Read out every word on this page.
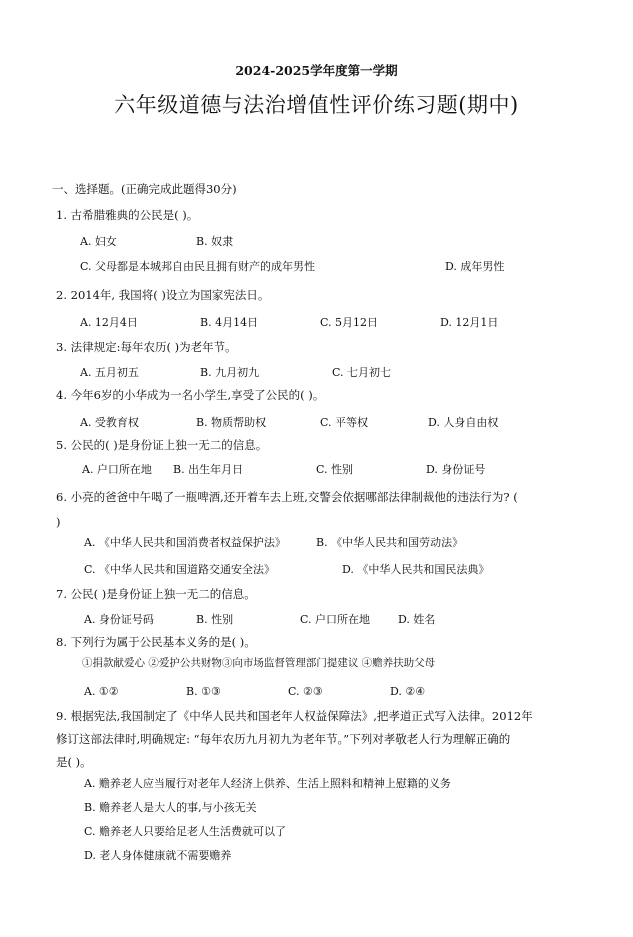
2024-2025学年度第一学期
六年级道德与法治增值性评价练习题(期中)
一、选择题。(正确完成此题得30分)
1. 古希腊雅典的公民是( )。
A. 妇女	B. 奴隶
C. 父母都是本城邦自由民且拥有财产的成年男性	D. 成年男性
2. 2014年, 我国将( )设立为国家宪法日。
A. 12月4日	B. 4月14日	C. 5月12日	D. 12月1日
3. 法律规定:每年农历( )为老年节。
A. 五月初五	B. 九月初九	C. 七月初七
4. 今年6岁的小华成为一名小学生,享受了公民的( )。
A. 受教育权	B. 物质帮助权	C. 平等权	D. 人身自由权
5. 公民的( )是身份证上独一无二的信息。
A. 户口所在地 B. 出生年月日	C. 性别	D. 身份证号
6. 小亮的爸爸中午喝了一瓶啤酒,还开着车去上班,交警会依据哪部法律制裁他的违法行为? (
)
A. 《中华人民共和国消费者权益保护法》	B. 《中华人民共和国劳动法》
C. 《中华人民共和国道路交通安全法》	D. 《中华人民共和国民法典》
7. 公民( )是身份证上独一无二的信息。
A. 身份证号码	B. 性别	C. 户口所在地	D. 姓名
8. 下列行为属于公民基本义务的是( )。
①捐款献爱心 ②爱护公共财物③向市场监督管理部门提建议 ④赡养扶助父母
A. ①②	B. ①③	C. ②③	D. ②④
9. 根据宪法,我国制定了《中华人民共和国老年人权益保障法》,把孝道正式写入法律。2012年
修订这部法律时,明确规定: “每年农历九月初九为老年节。”下列对孝敬老人行为理解正确的
是( )。
A. 赡养老人应当履行对老年人经济上供养、生活上照料和精神上慰籍的义务
B. 赡养老人是大人的事,与小孩无关
C. 赡养老人只要给足老人生活费就可以了
D. 老人身体健康就不需要赡养
